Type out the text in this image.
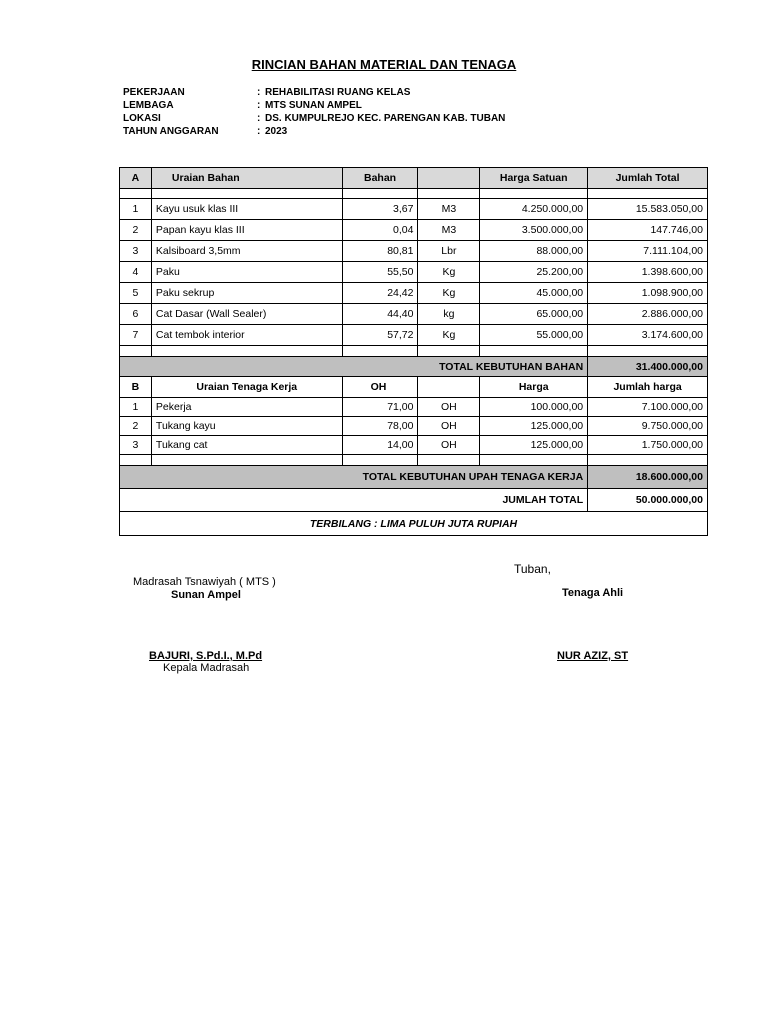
RINCIAN BAHAN MATERIAL DAN TENAGA
PEKERJAAN	: REHABILITASI RUANG KELAS
LEMBAGA	: MTS SUNAN AMPEL
LOKASI	: DS. KUMPULREJO KEC. PARENGAN KAB. TUBAN
TAHUN ANGGARAN	: 2023
A	Uraian Bahan	Bahan		Harga Satuan	Jumlah Total

1	Kayu usuk klas III	3,67	M3	4.250.000,00	15.583.050,00
2	Papan kayu klas III	0,04	M3	3.500.000,00	147.746,00
3	Kalsiboard 3,5mm	80,81	Lbr	88.000,00	7.111.104,00
4	Paku	55,50	Kg	25.200,00	1.398.600,00
5	Paku sekrup	24,42	Kg	45.000,00	1.098.900,00
6	Cat Dasar (Wall Sealer)	44,40	kg	65.000,00	2.886.000,00
7	Cat tembok interior	57,72	Kg	55.000,00	3.174.600,00

TOTAL KEBUTUHAN BAHAN					31.400.000,00
B	Uraian Tenaga Kerja	OH		Harga	Jumlah harga
1	Pekerja	71,00	OH	100.000,00	7.100.000,00
2	Tukang kayu	78,00	OH	125.000,00	9.750.000,00
3	Tukang cat	14,00	OH	125.000,00	1.750.000,00

TOTAL KEBUTUHAN UPAH TENAGA KERJA					18.600.000,00
JUMLAH TOTAL					50.000.000,00
TERBILANG : LIMA PULUH JUTA RUPIAH					
Tuban,
Madrasah Tsnawiyah ( MTS )
Sunan Ampel	Tenaga Ahli
BAJURI, S.Pd.I., M.Pd
Kepala Madrasah
NUR AZIZ, ST
